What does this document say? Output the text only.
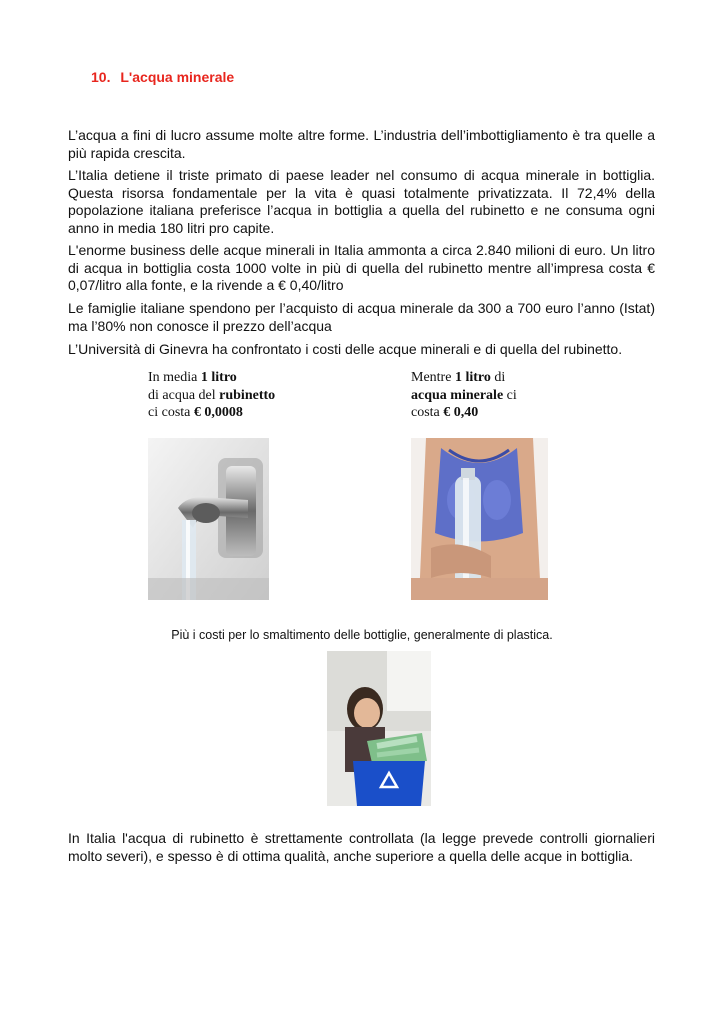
10. L'acqua minerale

L’acqua a fini di lucro assume molte altre forme. L’industria dell’imbottigliamento è tra quelle a più rapida crescita.

L’Italia detiene il triste primato di paese leader nel consumo di acqua minerale in bottiglia. Questa risorsa fondamentale per la vita è quasi totalmente privatizzata. Il 72,4% della popolazione italiana preferisce l’acqua in bottiglia a quella del rubinetto e ne consuma ogni anno in media 180 litri pro capite.

L'enorme business delle acque minerali in Italia ammonta a circa 2.840 milioni di euro. Un litro di acqua in bottiglia costa 1000 volte in più di quella del rubinetto mentre all’impresa costa € 0,07/litro alla fonte, e la rivende a € 0,40/litro

Le famiglie italiane spendono per l’acquisto di acqua minerale da 300 a 700 euro l’anno (Istat) ma l’80% non conosce il prezzo dell’acqua

L’Università di Ginevra ha confrontato i costi delle acque minerali e di quella del rubinetto.

In media 1 litro
di acqua del rubinetto
ci costa € 0,0008
Mentre 1 litro di
acqua minerale ci
costa € 0,40
Più i costi per lo smaltimento delle bottiglie, generalmente di plastica.

In Italia l'acqua di rubinetto è strettamente controllata (la legge prevede controlli giornalieri molto severi), e spesso è di ottima qualità, anche superiore a quella delle acque in bottiglia.
